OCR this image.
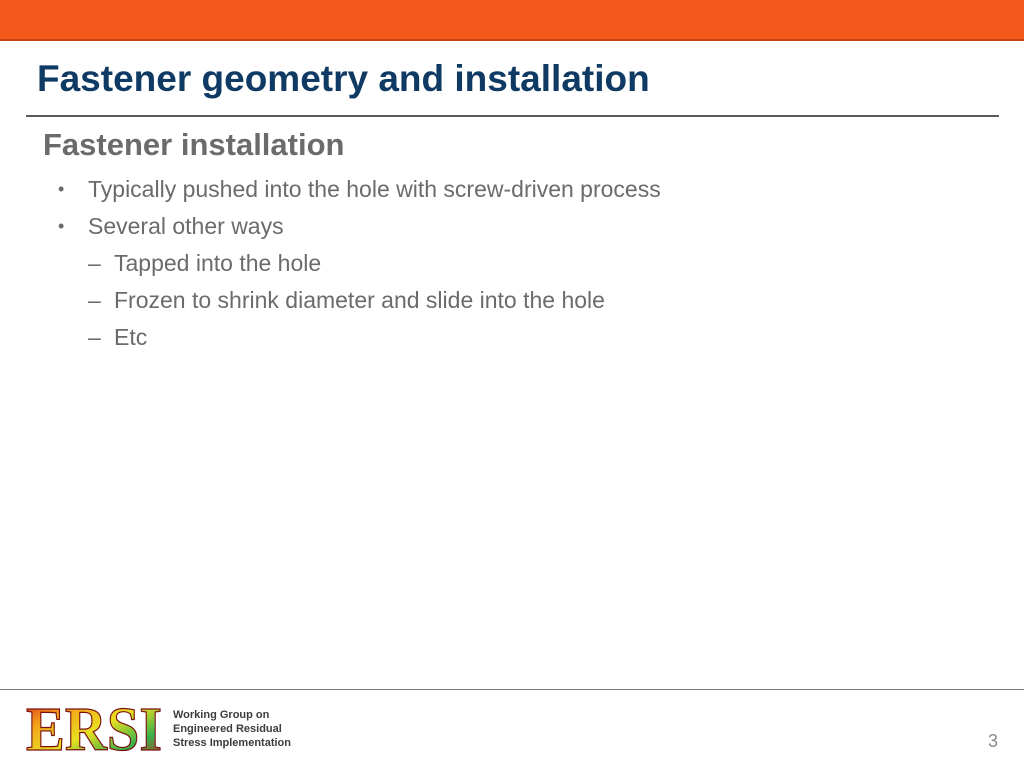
Fastener geometry and installation
Fastener installation
• Typically pushed into the hole with screw-driven process
• Several other ways
– Tapped into the hole
– Frozen to shrink diameter and slide into the hole
– Etc
ERSI Working Group on
Engineered Residual
Stress Implementation	3
